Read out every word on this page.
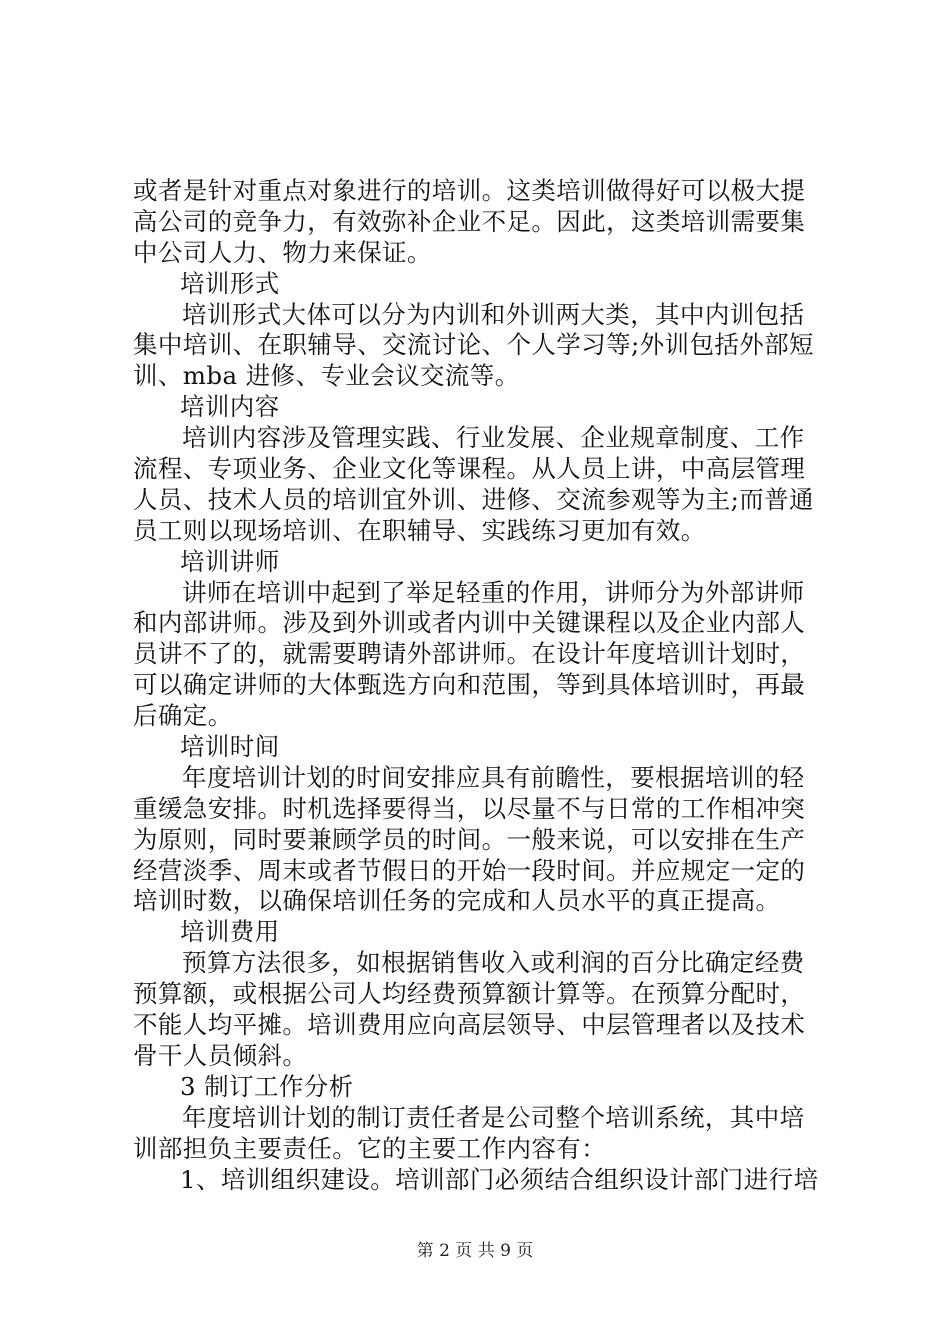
或者是针对重点对象进行的培训。这类培训做得好可以极大提
高公司的竞争力，有效弥补企业不足。因此，这类培训需要集
中公司人力、物力来保证。
培训形式
培训形式大体可以分为内训和外训两大类，其中内训包括
集中培训、在职辅导、交流讨论、个人学习等;外训包括外部短
训、mba 进修、专业会议交流等。
培训内容
培训内容涉及管理实践、行业发展、企业规章制度、工作
流程、专项业务、企业文化等课程。从人员上讲，中高层管理
人员、技术人员的培训宜外训、进修、交流参观等为主;而普通
员工则以现场培训、在职辅导、实践练习更加有效。
培训讲师
讲师在培训中起到了举足轻重的作用，讲师分为外部讲师
和内部讲师。涉及到外训或者内训中关键课程以及企业内部人
员讲不了的，就需要聘请外部讲师。在设计年度培训计划时，
可以确定讲师的大体甄选方向和范围，等到具体培训时，再最
后确定。
培训时间
年度培训计划的时间安排应具有前瞻性，要根据培训的轻
重缓急安排。时机选择要得当，以尽量不与日常的工作相冲突
为原则，同时要兼顾学员的时间。一般来说，可以安排在生产
经营淡季、周末或者节假日的开始一段时间。并应规定一定的
培训时数，以确保培训任务的完成和人员水平的真正提高。
培训费用
预算方法很多，如根据销售收入或利润的百分比确定经费
预算额，或根据公司人均经费预算额计算等。在预算分配时，
不能人均平摊。培训费用应向高层领导、中层管理者以及技术
骨干人员倾斜。
3 制订工作分析
年度培训计划的制订责任者是公司整个培训系统，其中培
训部担负主要责任。它的主要工作内容有：
1、培训组织建设。培训部门必须结合组织设计部门进行培
第 2 页 共 9 页
